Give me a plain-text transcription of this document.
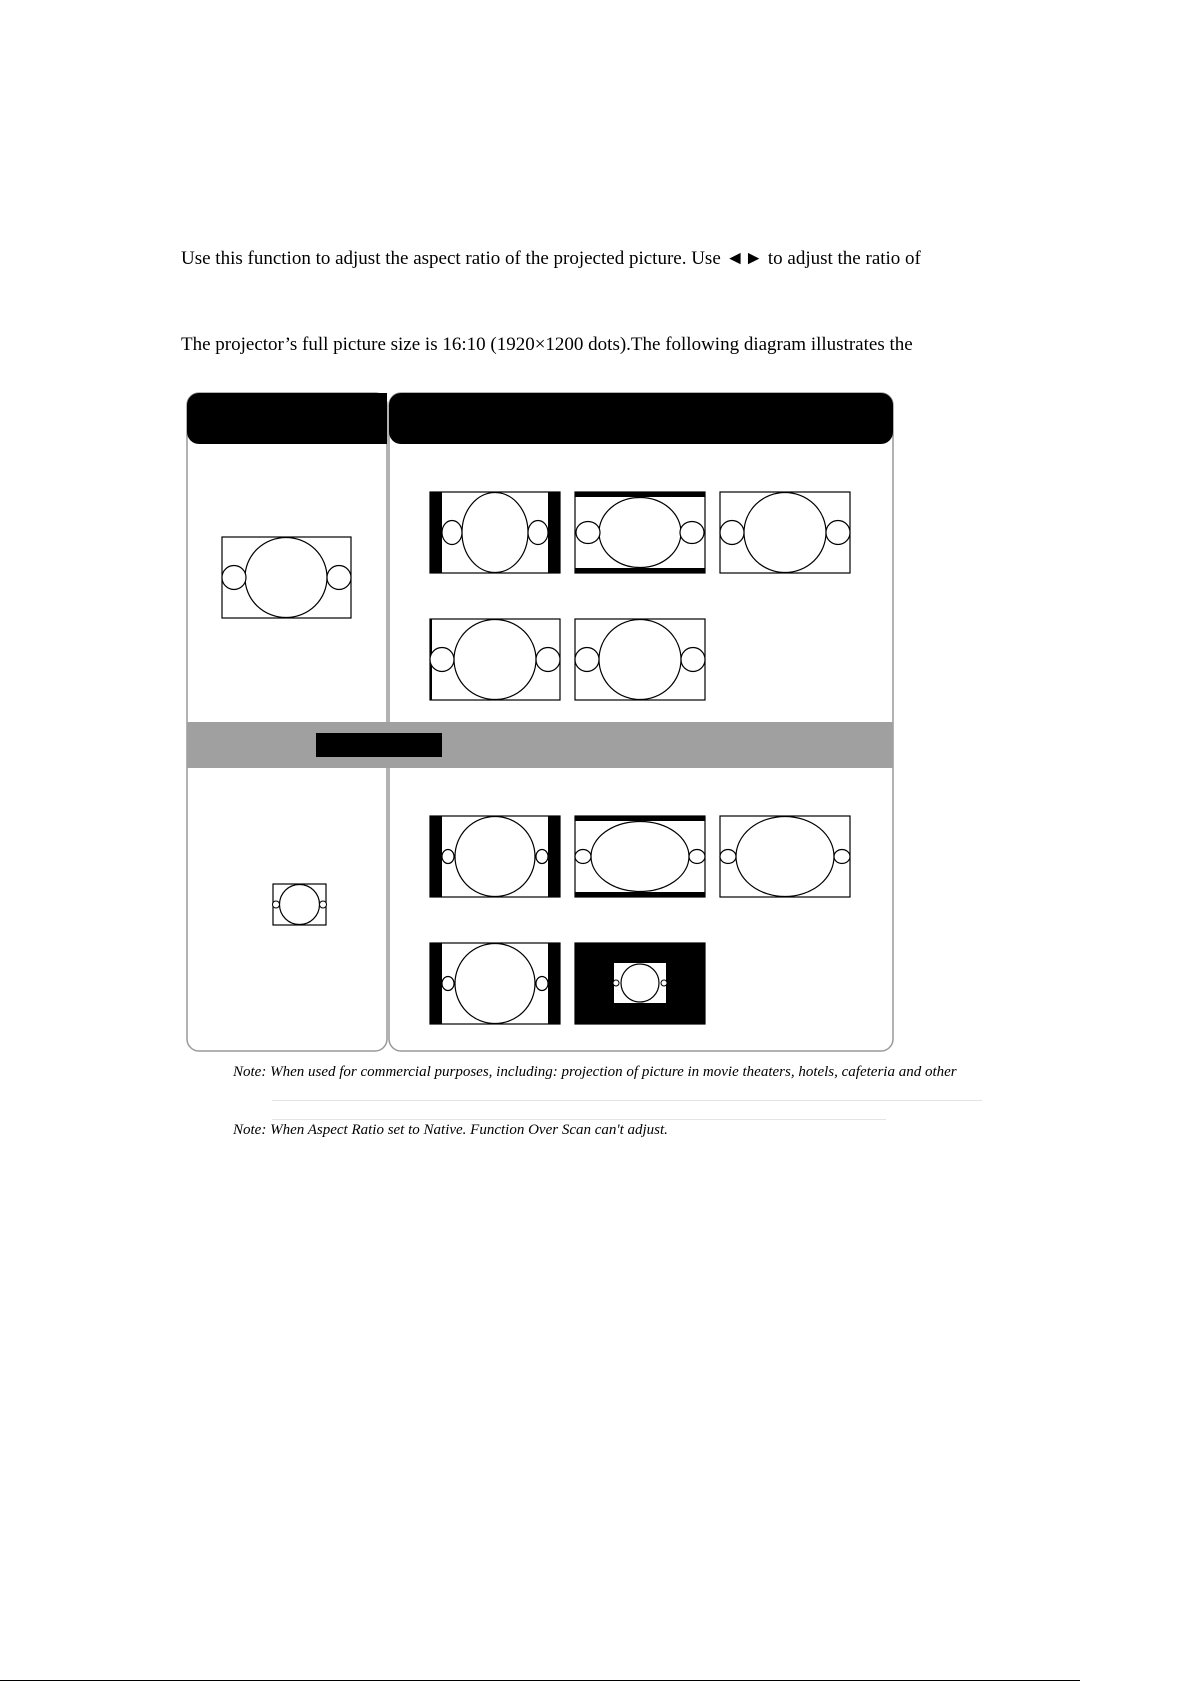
Use this function to adjust the aspect ratio of the projected picture. Use ◄► to adjust the ratio of

The projector’s full picture size is 16:10 (1920×1200 dots).The following diagram illustrates the

Note: When used for commercial purposes, including: projection of picture in movie theaters, hotels, cafeteria and other

Note: When Aspect Ratio set to Native. Function Over Scan can't adjust.
